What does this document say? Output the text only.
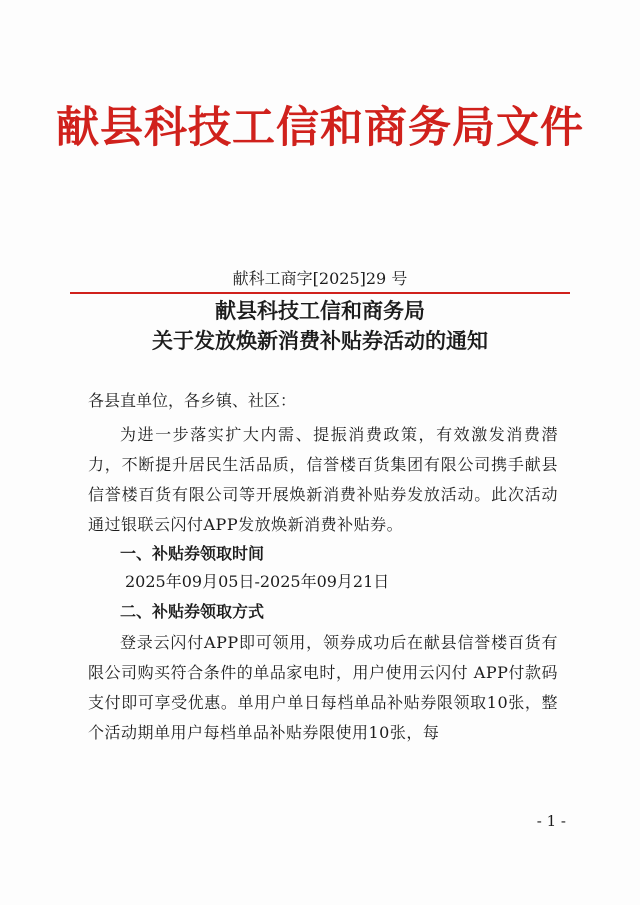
献县科技工信和商务局文件
献科工商字[2025]29 号
献县科技工信和商务局
关于发放焕新消费补贴券活动的通知
各县直单位，各乡镇、社区：
为进一步落实扩大内需、提振消费政策，有效激发消费潜力，不断提升居民生活品质，信誉楼百货集团有限公司携手献县信誉楼百货有限公司等开展焕新消费补贴券发放活动。此次活动通过银联云闪付APP发放焕新消费补贴券。
一、补贴券领取时间
2025年09月05日-2025年09月21日
二、补贴券领取方式
登录云闪付APP即可领用，领券成功后在献县信誉楼百货有限公司购买符合条件的单品家电时，用户使用云闪付 APP付款码支付即可享受优惠。单用户单日每档单品补贴券限领取10张，整个活动期单用户每档单品补贴券限使用10张，每
- 1 -
